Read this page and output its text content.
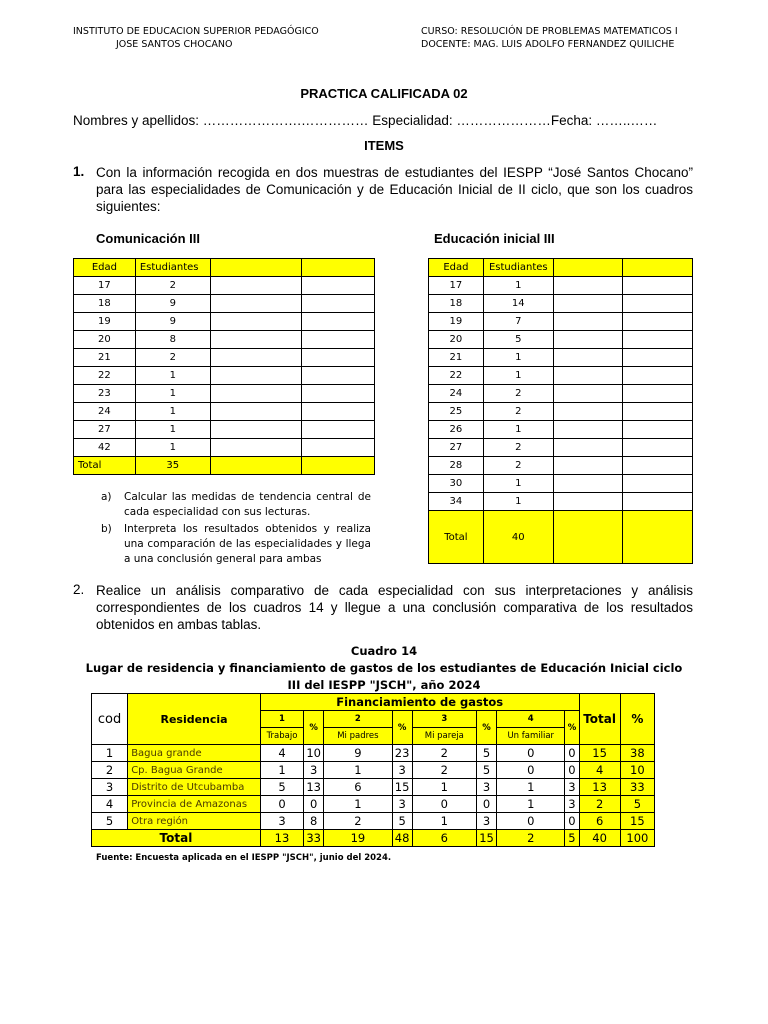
INSTITUTO DE EDUCACION SUPERIOR PEDAGÓGICO
JOSE SANTOS CHOCANO
CURSO: RESOLUCIÓN DE PROBLEMAS MATEMATICOS I
DOCENTE: MAG. LUIS ADOLFO FERNANDEZ QUILICHE
PRACTICA CALIFICADA 02
Nombres y apellidos: ………………….…………… Especialidad: …………………Fecha: ……..……
ITEMS
1. Con la información recogida en dos muestras de estudiantes del IESPP “José Santos Chocano” para las especialidades de Comunicación y de Educación Inicial de II ciclo, que son los cuadros siguientes:
Comunicación III
Edad	Estudiantes		
17	2		
18	9		
19	9		
20	8		
21	2		
22	1		
23	1		
24	1		
27	1		
42	1		
Total	35		
Educación inicial III
Edad	Estudiantes		
17	1		
18	14		
19	7		
20	5		
21	1		
22	1		
24	2		
25	2		
26	1		
27	2		
28	2		
30	1		
34	1		
Total	40		
a)	Calcular las medidas de tendencia central de cada especialidad con sus lecturas.
b)	Interpreta los resultados obtenidos y realiza una comparación de las especialidades y llega a una conclusión general para ambas
2. Realice un análisis comparativo de cada especialidad con sus interpretaciones y análisis correspondientes de los cuadros 14 y llegue a una conclusión comparativa de los resultados obtenidos en ambas tablas.
Cuadro 14
Lugar de residencia y financiamiento de gastos de los estudiantes de Educación Inicial ciclo
III del IESPP "JSCH", año 2024
cod	Residencia	Financiamiento de gastos								Total	%
		1	%	2	%	3	%	4	%		
		Trabajo		Mi padres		Mi pareja		Un familiar			
1	Bagua grande	4	10	9	23	2	5	0	0	15	38
2	Cp. Bagua Grande	1	3	1	3	2	5	0	0	4	10
3	Distrito de Utcubamba	5	13	6	15	1	3	1	3	13	33
4	Provincia de Amazonas	0	0	1	3	0	0	1	3	2	5
5	Otra región	3	8	2	5	1	3	0	0	6	15
Total		13	33	19	48	6	15	2	5	40	100
Fuente: Encuesta aplicada en el IESPP "JSCH", junio del 2024.
